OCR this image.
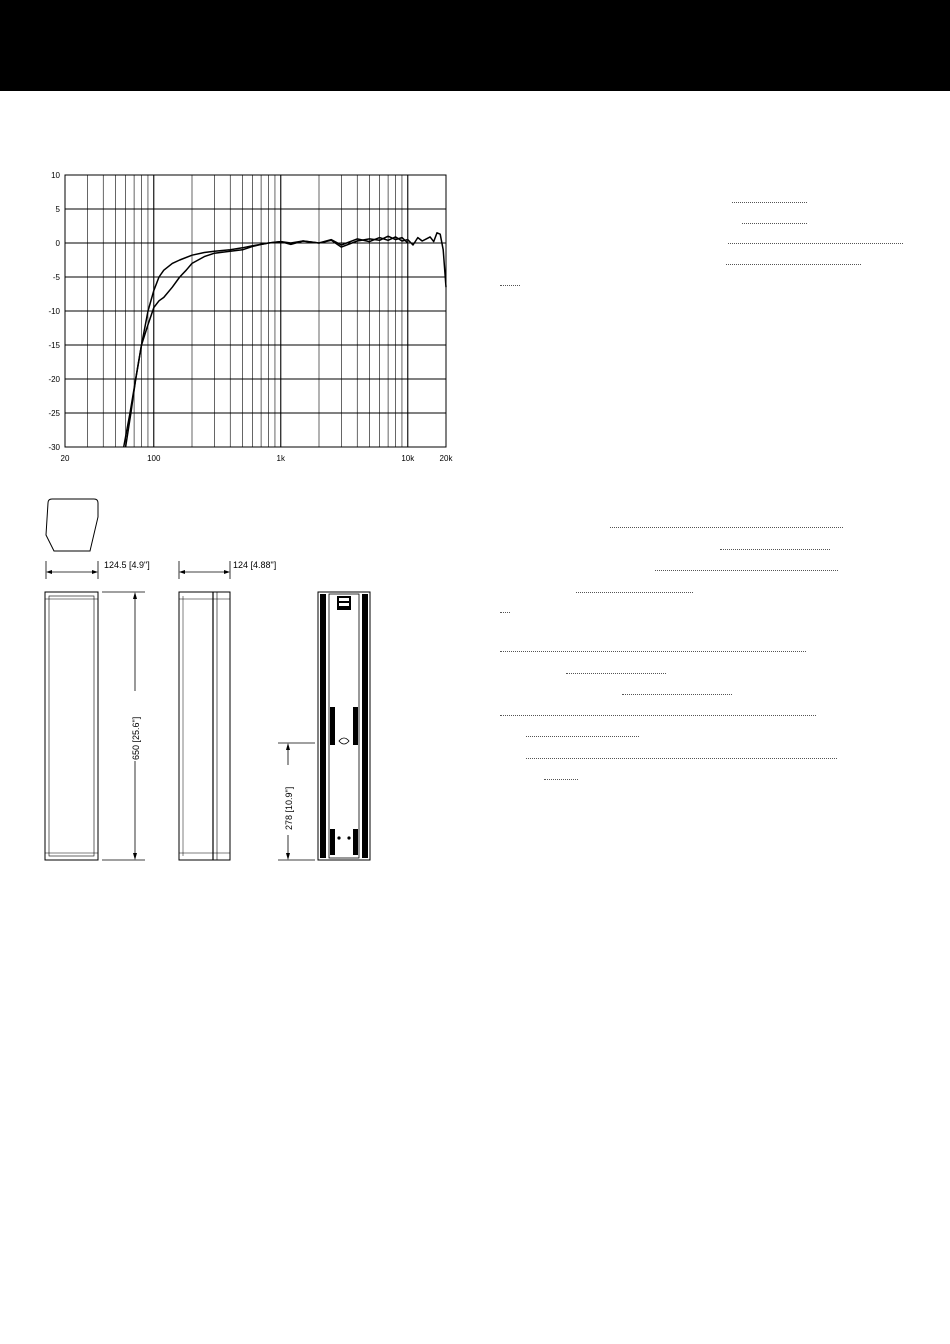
10
5
0
-5
-10
-15
-20
-25
-30
20	100	1k	10k	20k
124.5 [4.9"]
650 [25.6"]
124 [4.88"]
278 [10.9"]
